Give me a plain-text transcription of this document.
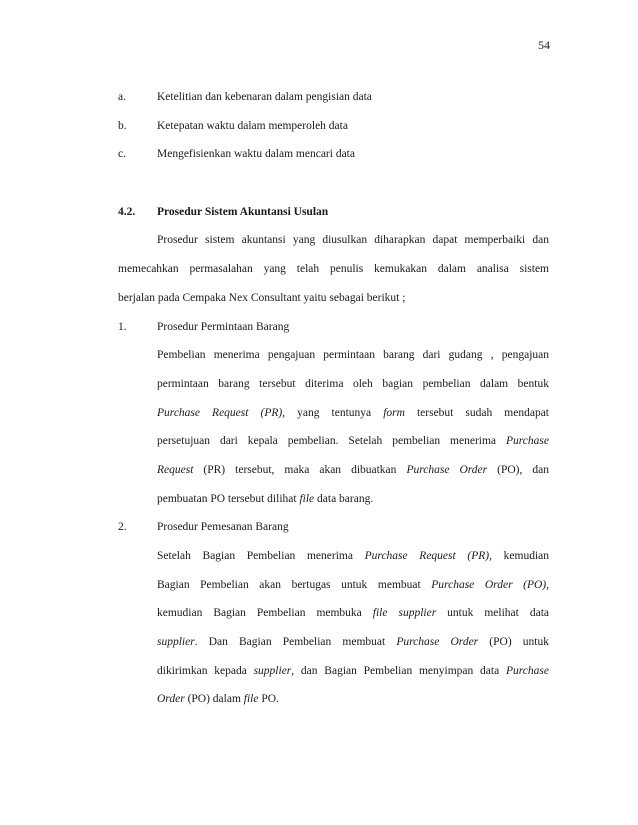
54
a.	Ketelitian dan kebenaran dalam pengisian data
b.	Ketepatan waktu dalam memperoleh data
c.	Mengefisienkan waktu dalam mencari data
4.2. Prosedur Sistem Akuntansi Usulan
Prosedur sistem akuntansi yang diusulkan diharapkan dapat memperbaiki dan
memecahkan permasalahan yang telah penulis kemukakan dalam analisa sistem
berjalan pada Cempaka Nex Consultant yaitu sebagai berikut ;
1.	Prosedur Permintaan Barang
Pembelian menerima pengajuan permintaan barang dari gudang , pengajuan
permintaan barang tersebut diterima oleh bagian pembelian dalam bentuk
Purchase Request (PR), yang tentunya form tersebut sudah mendapat
persetujuan dari kepala pembelian. Setelah pembelian menerima Purchase
Request (PR) tersebut, maka akan dibuatkan Purchase Order (PO), dan
pembuatan PO tersebut dilihat file data barang.
2.	Prosedur Pemesanan Barang
Setelah Bagian Pembelian menerima Purchase Request (PR), kemudian
Bagian Pembelian akan bertugas untuk membuat Purchase Order (PO),
kemudian Bagian Pembelian membuka file supplier untuk melihat data
supplier. Dan Bagian Pembelian membuat Purchase Order (PO) untuk
dikirimkan kepada supplier, dan Bagian Pembelian menyimpan data Purchase
Order (PO) dalam file PO.
